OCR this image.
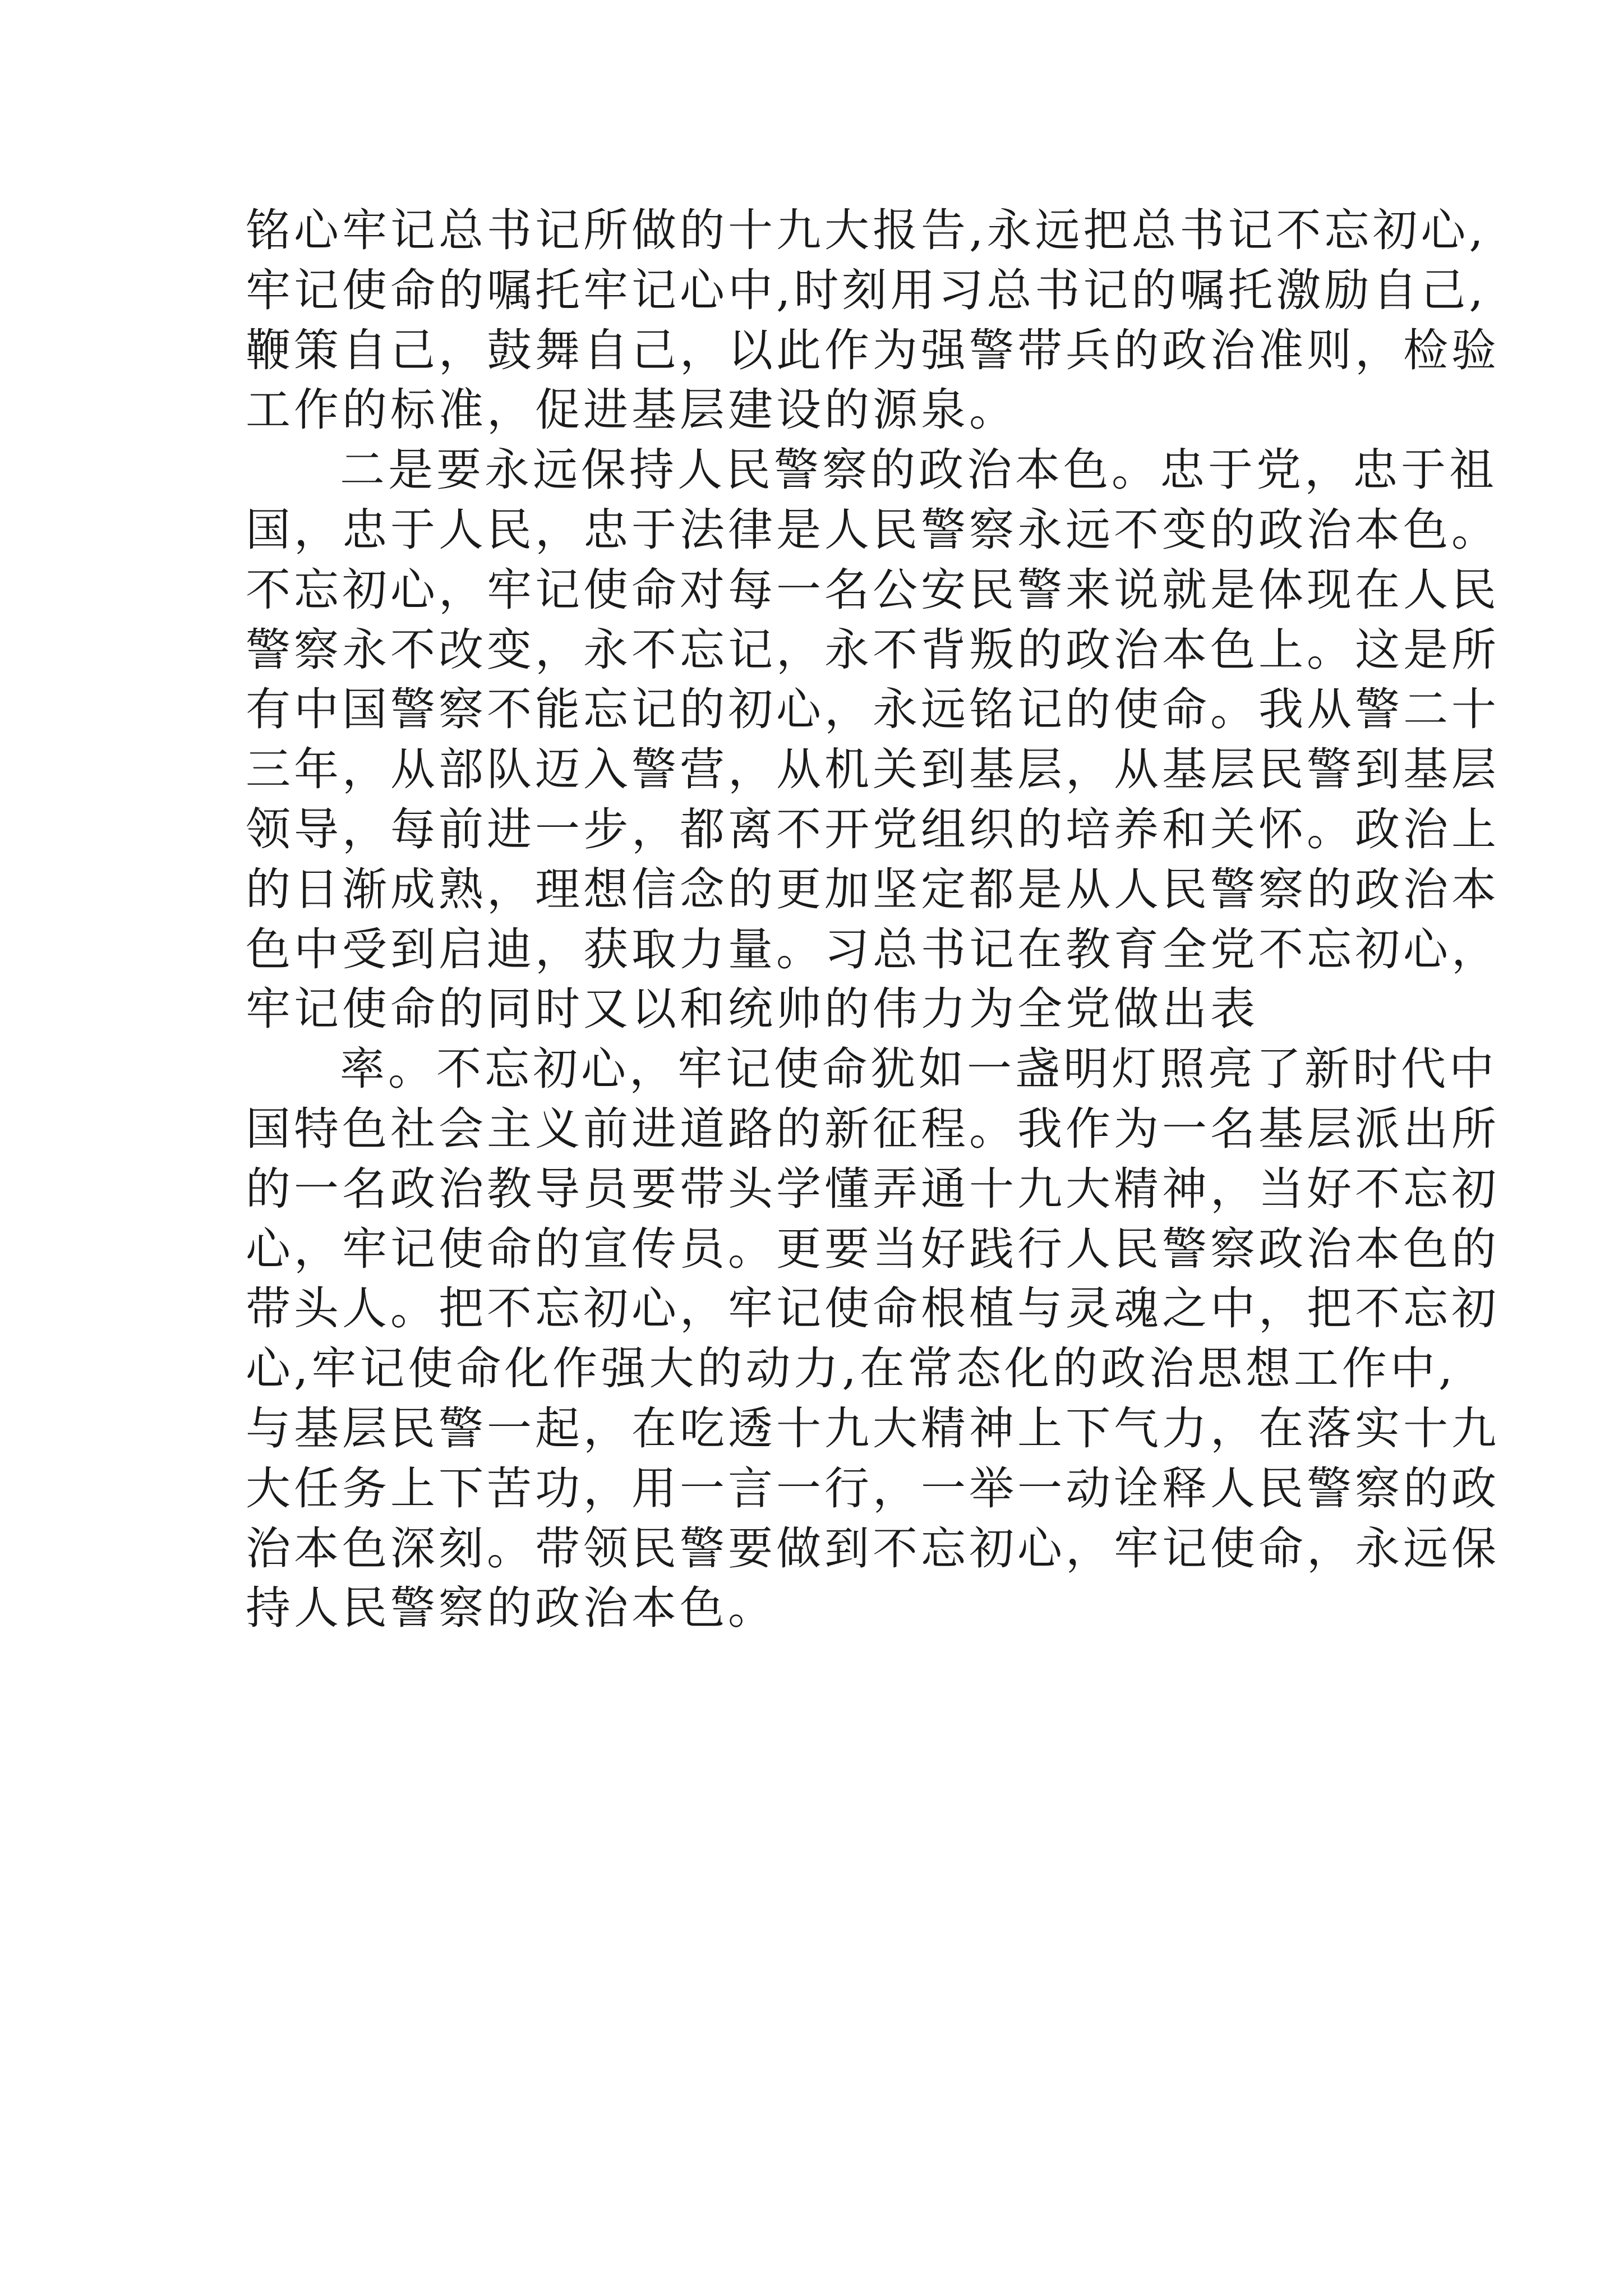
铭心牢记总书记所做的十九大报告,永远把总书记不忘初心,
牢记使命的嘱托牢记心中,时刻用习总书记的嘱托激励自己,
鞭策自己，鼓舞自己，以此作为强警带兵的政治准则，检验
工作的标准，促进基层建设的源泉。
二是要永远保持人民警察的政治本色。忠于党，忠于祖
国，忠于人民，忠于法律是人民警察永远不变的政治本色。
不忘初心，牢记使命对每一名公安民警来说就是体现在人民
警察永不改变，永不忘记，永不背叛的政治本色上。这是所
有中国警察不能忘记的初心，永远铭记的使命。我从警二十
三年，从部队迈入警营，从机关到基层，从基层民警到基层
领导，每前进一步，都离不开党组织的培养和关怀。政治上
的日渐成熟，理想信念的更加坚定都是从人民警察的政治本
色中受到启迪，获取力量。习总书记在教育全党不忘初心，
牢记使命的同时又以和统帅的伟力为全党做出表
率。不忘初心，牢记使命犹如一盏明灯照亮了新时代中
国特色社会主义前进道路的新征程。我作为一名基层派出所
的一名政治教导员要带头学懂弄通十九大精神，当好不忘初
心，牢记使命的宣传员。更要当好践行人民警察政治本色的
带头人。把不忘初心，牢记使命根植与灵魂之中，把不忘初
心,牢记使命化作强大的动力,在常态化的政治思想工作中,
与基层民警一起，在吃透十九大精神上下气力，在落实十九
大任务上下苦功，用一言一行，一举一动诠释人民警察的政
治本色深刻。带领民警要做到不忘初心，牢记使命，永远保
持人民警察的政治本色。
